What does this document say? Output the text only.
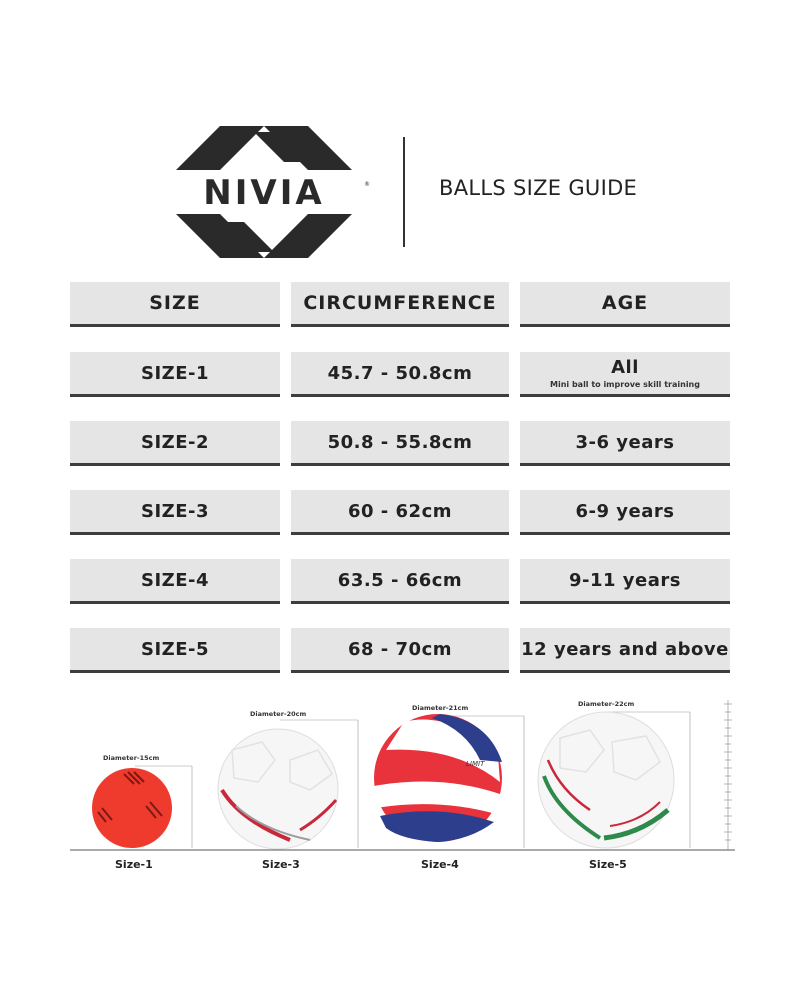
NIVIA	®	BALLS SIZE GUIDE
SIZE	CIRCUMFERENCE	AGE
SIZE-1	45.7 - 50.8cm	All
Mini ball to improve skill training
SIZE-2	50.8 - 55.8cm	3-6 years
SIZE-3	60 - 62cm	6-9 years
SIZE-4	63.5 - 66cm	9-11 years
SIZE-5	68 - 70cm	12 years and above
LIMIT
Diameter-15cm
Diameter-20cm
Diameter-21cm	Diameter-22cm
Size-1	Size-3	Size-4	Size-5
